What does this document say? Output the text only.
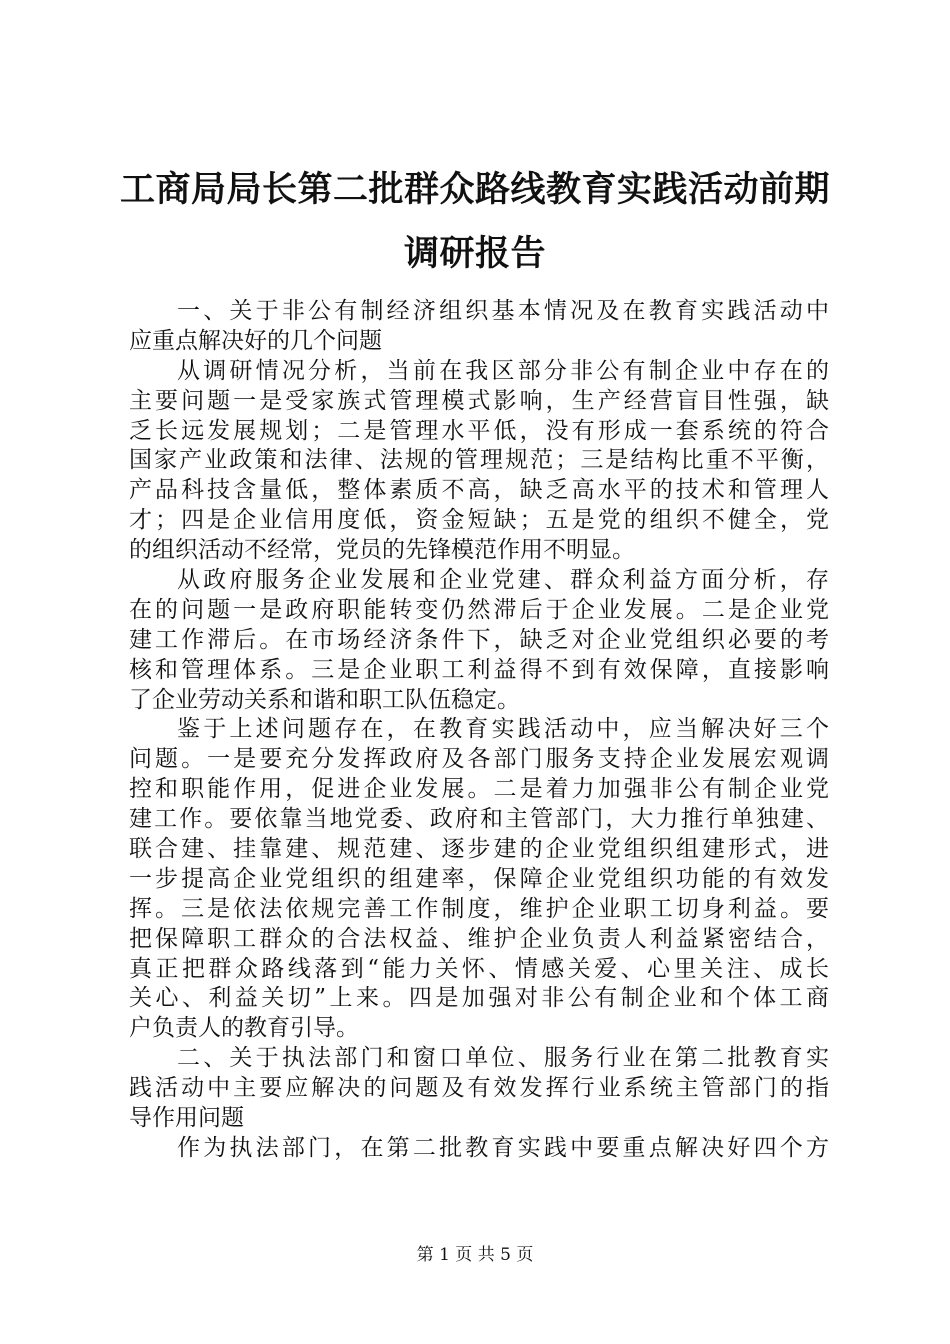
工商局局长第二批群众路线教育实践活动前期
调研报告
一、关于非公有制经济组织基本情况及在教育实践活动中
应重点解决好的几个问题
从调研情况分析，当前在我区部分非公有制企业中存在的
主要问题一是受家族式管理模式影响，生产经营盲目性强，缺
乏长远发展规划；二是管理水平低，没有形成一套系统的符合
国家产业政策和法律、法规的管理规范；三是结构比重不平衡，
产品科技含量低，整体素质不高，缺乏高水平的技术和管理人
才；四是企业信用度低，资金短缺；五是党的组织不健全，党
的组织活动不经常，党员的先锋模范作用不明显。
从政府服务企业发展和企业党建、群众利益方面分析，存
在的问题一是政府职能转变仍然滞后于企业发展。二是企业党
建工作滞后。在市场经济条件下，缺乏对企业党组织必要的考
核和管理体系。三是企业职工利益得不到有效保障，直接影响
了企业劳动关系和谐和职工队伍稳定。
鉴于上述问题存在，在教育实践活动中，应当解决好三个
问题。一是要充分发挥政府及各部门服务支持企业发展宏观调
控和职能作用，促进企业发展。二是着力加强非公有制企业党
建工作。要依靠当地党委、政府和主管部门，大力推行单独建、
联合建、挂靠建、规范建、逐步建的企业党组织组建形式，进
一步提高企业党组织的组建率，保障企业党组织功能的有效发
挥。三是依法依规完善工作制度，维护企业职工切身利益。要
把保障职工群众的合法权益、维护企业负责人利益紧密结合，
真正把群众路线落到“能力关怀、情感关爱、心里关注、成长
关心、利益关切”上来。四是加强对非公有制企业和个体工商
户负责人的教育引导。
二、关于执法部门和窗口单位、服务行业在第二批教育实
践活动中主要应解决的问题及有效发挥行业系统主管部门的指
导作用问题
作为执法部门，在第二批教育实践中要重点解决好四个方
第 1 页 共 5 页
